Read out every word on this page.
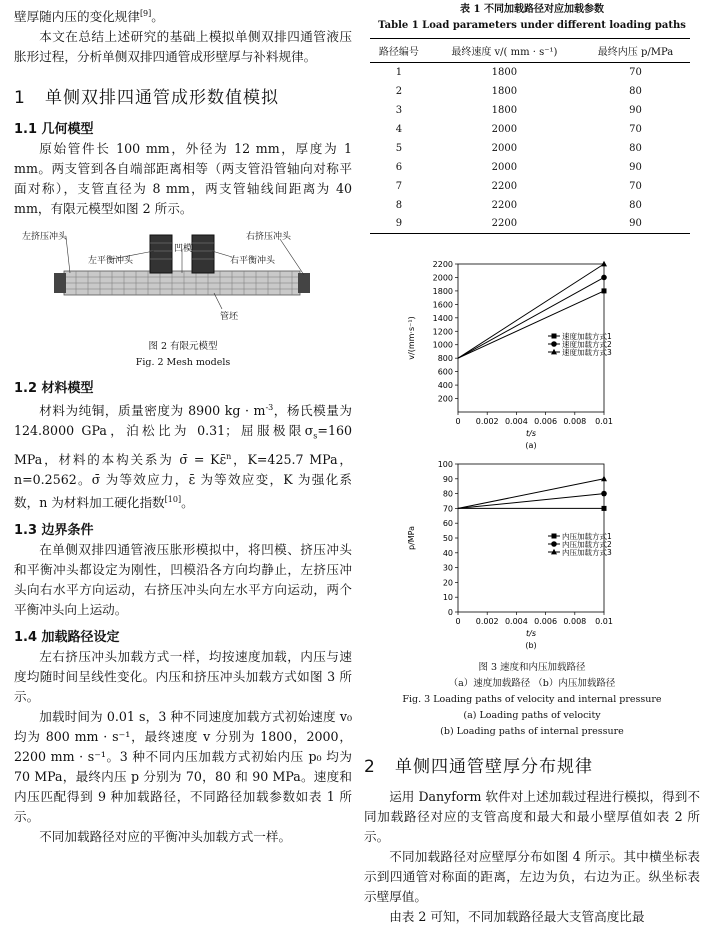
壁厚随内压的变化规律[9]。
本文在总结上述研究的基础上模拟单侧双排四通管液压胀形过程，分析单侧双排四通管成形壁厚与补料规律。
1 单侧双排四通管成形数值模拟
1.1 几何模型
原始管件长 100 mm，外径为 12 mm，厚度为 1 mm。两支管到各自端部距离相等（两支管沿管轴向对称平面对称），支管直径为 8 mm，两支管轴线间距离为 40 mm，有限元模型如图 2 所示。
左挤压冲头
左平衡冲头
凹模
右挤压冲头
右平衡冲头
管坯
图 2 有限元模型
Fig. 2 Mesh models
1.2 材料模型
材料为纯铜，质量密度为 8900 kg · $m^{-3}$，杨氏模量为 124.8000 GPa，泊松比为 0.31；屈服极限$\sigma_s=160$ MPa，材料的本构关系为 σ̄ = Kε̄$^n$，K=425.7 MPa，n=0.2562。σ̄ 为等效应力，ε̄ 为等效应变，K 为强化系数，n 为材料加工硬化指数[10]。
1.3 边界条件
在单侧双排四通管液压胀形模拟中，将凹模、挤压冲头和平衡冲头都设定为刚性，凹模沿各方向均静止，左挤压冲头向右水平方向运动，右挤压冲头向左水平方向运动，两个平衡冲头向上运动。
1.4 加载路径设定
左右挤压冲头加载方式一样，均按速度加载，内压与速度均随时间呈线性变化。内压和挤压冲头加载方式如图 3 所示。
加载时间为 0.01 s，3 种不同速度加载方式初始速度 v₀ 均为 800 mm · s⁻¹，最终速度 v 分别为 1800，2000，2200 mm · s⁻¹。3 种不同内压加载方式初始内压 p₀ 均为 70 MPa，最终内压 p 分别为 70，80 和 90 MPa。速度和内压匹配得到 9 种加载路径，不同路径加载参数如表 1 所示。
不同加载路径对应的平衡冲头加载方式一样。
表 1 不同加载路径对应加载参数
Table 1 Load parameters under different loading paths
路径编号	最终速度 v/( mm · s⁻¹)	最终内压 p/MPa
1	1800	70
2	1800	80
3	1800	90
4	2000	70
5	2000	80
6	2000	90
7	2200	70
8	2200	80
9	2200	90
0 0.002 0.004 0.006 0.008 0.01
200
400
600
800
1000
1200
1400
1600
1800
2000
2200
t/s
v/(mm·s⁻¹)
(a)
速度加载方式1
速度加载方式2
速度加载方式3
0 0.002 0.004 0.006 0.008 0.01
0
10
20
30
40
50
60
70
80
90
100
t/s
p/MPa
(b)
内压加载方式1
内压加载方式2
内压加载方式3
图 3 速度和内压加载路径
（a）速度加载路径 （b）内压加载路径
Fig. 3 Loading paths of velocity and internal pressure
(a) Loading paths of velocity
(b) Loading paths of internal pressure
2 单侧四通管壁厚分布规律
运用 Danyform 软件对上述加载过程进行模拟，得到不同加载路径对应的支管高度和最大和最小壁厚值如表 2 所示。
不同加载路径对应壁厚分布如图 4 所示。其中横坐标表示到四通管对称面的距离，左边为负，右边为正。纵坐标表示壁厚值。
由表 2 可知，不同加载路径最大支管高度比最
